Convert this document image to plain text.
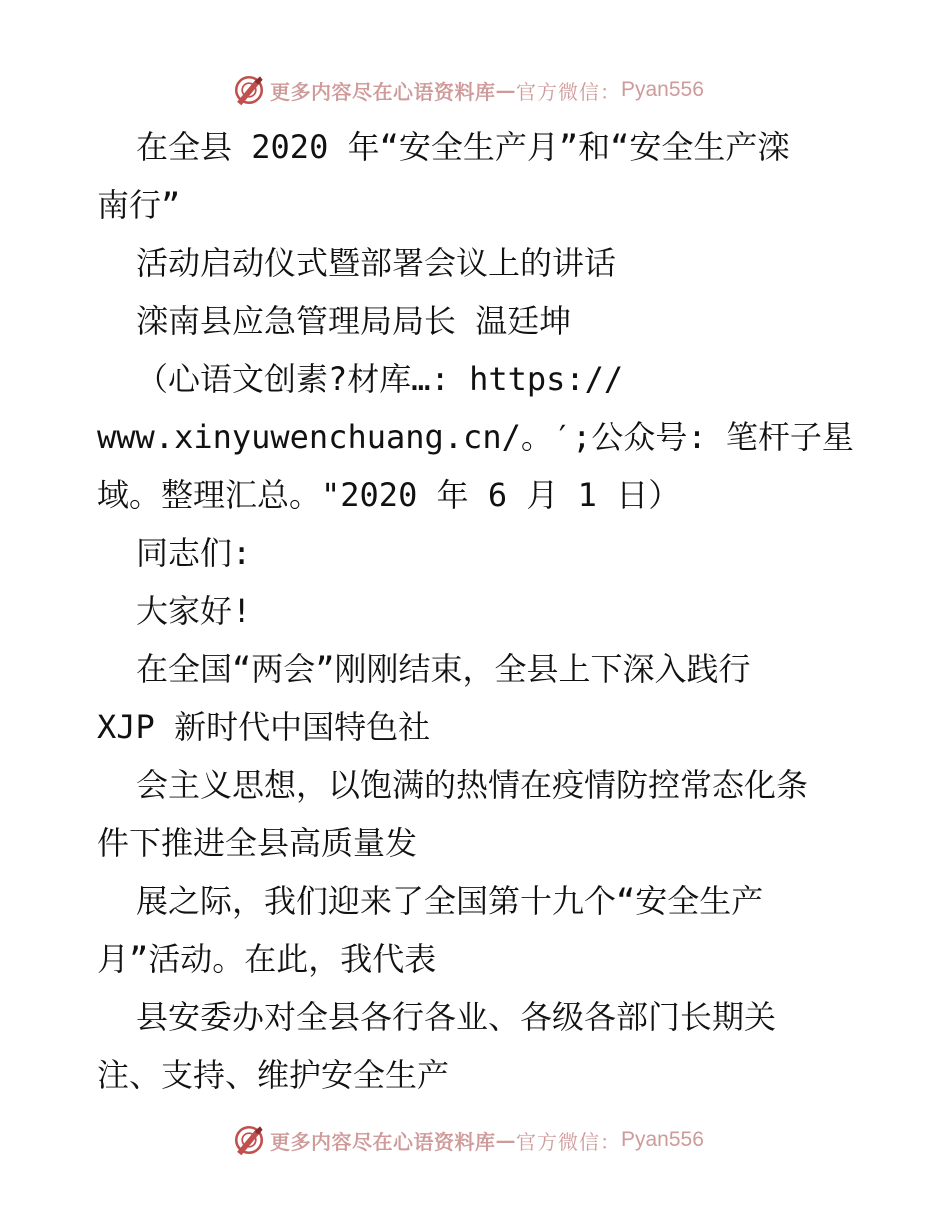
更多内容尽在心语资料库 — 官方微信： Pyan556
在全县 2020 年“安全生产月”和“安全生产滦
南行”
活动启动仪式暨部署会议上的讲话
滦南县应急管理局局长 温廷坤
（心语文创素?材库…: https://
www.xinyuwenchuang.cn/。′;公众号: 笔杆子星
域。整理汇总。"2020 年 6 月 1 日）
同志们:
大家好!
在全国“两会”刚刚结束，全县上下深入践行
XJP 新时代中国特色社
会主义思想，以饱满的热情在疫情防控常态化条
件下推进全县高质量发
展之际，我们迎来了全国第十九个“安全生产
月”活动。在此，我代表
县安委办对全县各行各业、各级各部门长期关
注、支持、维护安全生产
更多内容尽在心语资料库 — 官方微信： Pyan556
